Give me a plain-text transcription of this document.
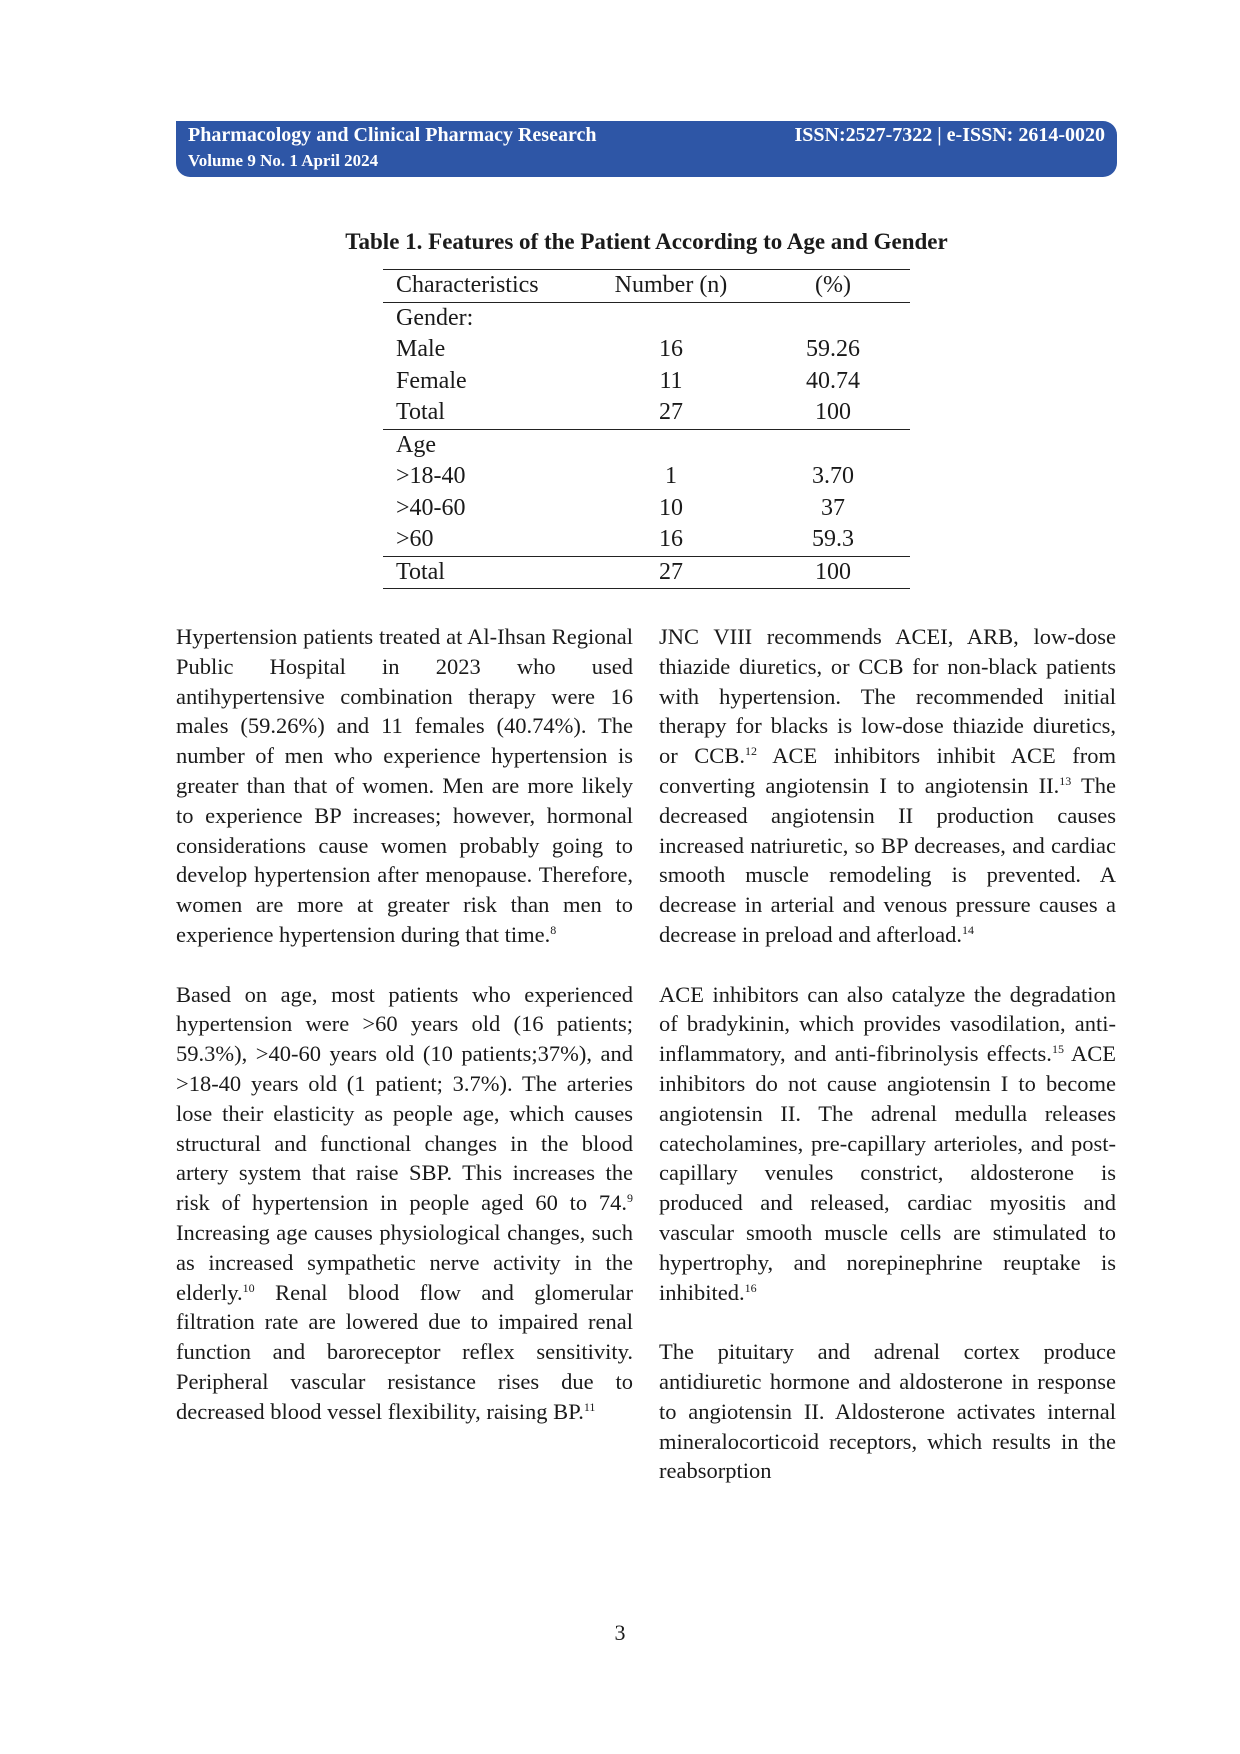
Pharmacology and Clinical Pharmacy Research
Volume 9 No. 1 April 2024
ISSN:2527-7322 | e-ISSN: 2614-0020
Table 1. Features of the Patient According to Age and Gender
Characteristics	Number (n)	(%)
Gender:		
Male	16	59.26
Female	11	40.74
Total	27	100
Age		
>18-40	1	3.70
>40-60	10	37
>60	16	59.3
Total	27	100

Hypertension patients treated at Al-Ihsan Regional Public Hospital in 2023 who used antihypertensive combination therapy were 16 males (59.26%) and 11 females (40.74%). The number of men who experience hypertension is greater than that of women. Men are more likely to experience BP increases; however, hormonal considerations cause women probably going to develop hypertension after menopause. Therefore, women are more at greater risk than men to experience hypertension during that time.$^8$

Based on age, most patients who experienced hypertension were >60 years old (16 patients; 59.3%), >40-60 years old (10 patients;37%), and >18-40 years old (1 patient; 3.7%). The arteries lose their elasticity as people age, which causes structural and functional changes in the blood artery system that raise SBP. This increases the risk of hypertension in people aged 60 to 74.$^9$ Increasing age causes physiological changes, such as increased sympathetic nerve activity in the elderly.$^{10}$ Renal blood flow and glomerular filtration rate are lowered due to impaired renal function and baroreceptor reflex sensitivity. Peripheral vascular resistance rises due to decreased blood vessel flexibility, raising BP.$^{11}$

JNC VIII recommends ACEI, ARB, low-dose thiazide diuretics, or CCB for non-black patients with hypertension. The recommended initial therapy for blacks is low-dose thiazide diuretics, or CCB.$^{12}$ ACE inhibitors inhibit ACE from converting angiotensin I to angiotensin II.$^{13}$ The decreased angiotensin II production causes increased natriuretic, so BP decreases, and cardiac smooth muscle remodeling is prevented. A decrease in arterial and venous pressure causes a decrease in preload and afterload.$^{14}$

ACE inhibitors can also catalyze the degradation of bradykinin, which provides vasodilation, anti-inflammatory, and anti-fibrinolysis effects.$^{15}$ ACE inhibitors do not cause angiotensin I to become angiotensin II. The adrenal medulla releases catecholamines, pre-capillary arterioles, and post-capillary venules constrict, aldosterone is produced and released, cardiac myositis and vascular smooth muscle cells are stimulated to hypertrophy, and norepinephrine reuptake is inhibited.$^{16}$

The pituitary and adrenal cortex produce antidiuretic hormone and aldosterone in response to angiotensin II. Aldosterone activates internal mineralocorticoid receptors, which results in the reabsorption

3
